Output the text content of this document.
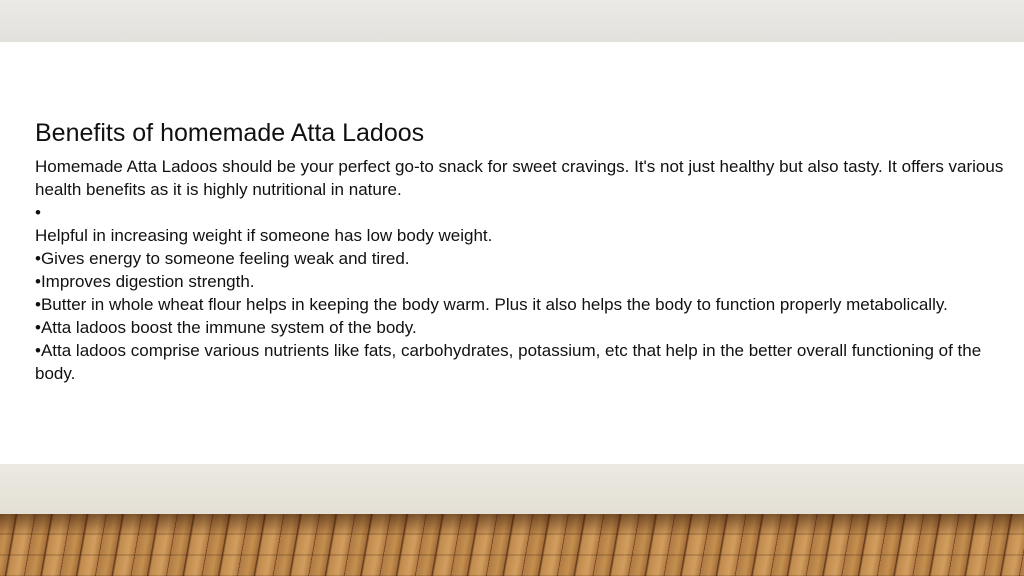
Benefits of homemade Atta Ladoos

Homemade Atta Ladoos should be your perfect go-to snack for sweet cravings. It's not just healthy but also tasty. It offers various health benefits as it is highly nutritional in nature.

•

Helpful in increasing weight if someone has low body weight.

•Gives energy to someone feeling weak and tired.

•Improves digestion strength.

•Butter in whole wheat flour helps in keeping the body warm. Plus it also helps the body to function properly metabolically.

•Atta ladoos boost the immune system of the body.

•Atta ladoos comprise various nutrients like fats, carbohydrates, potassium, etc that help in the better overall functioning of the body.
